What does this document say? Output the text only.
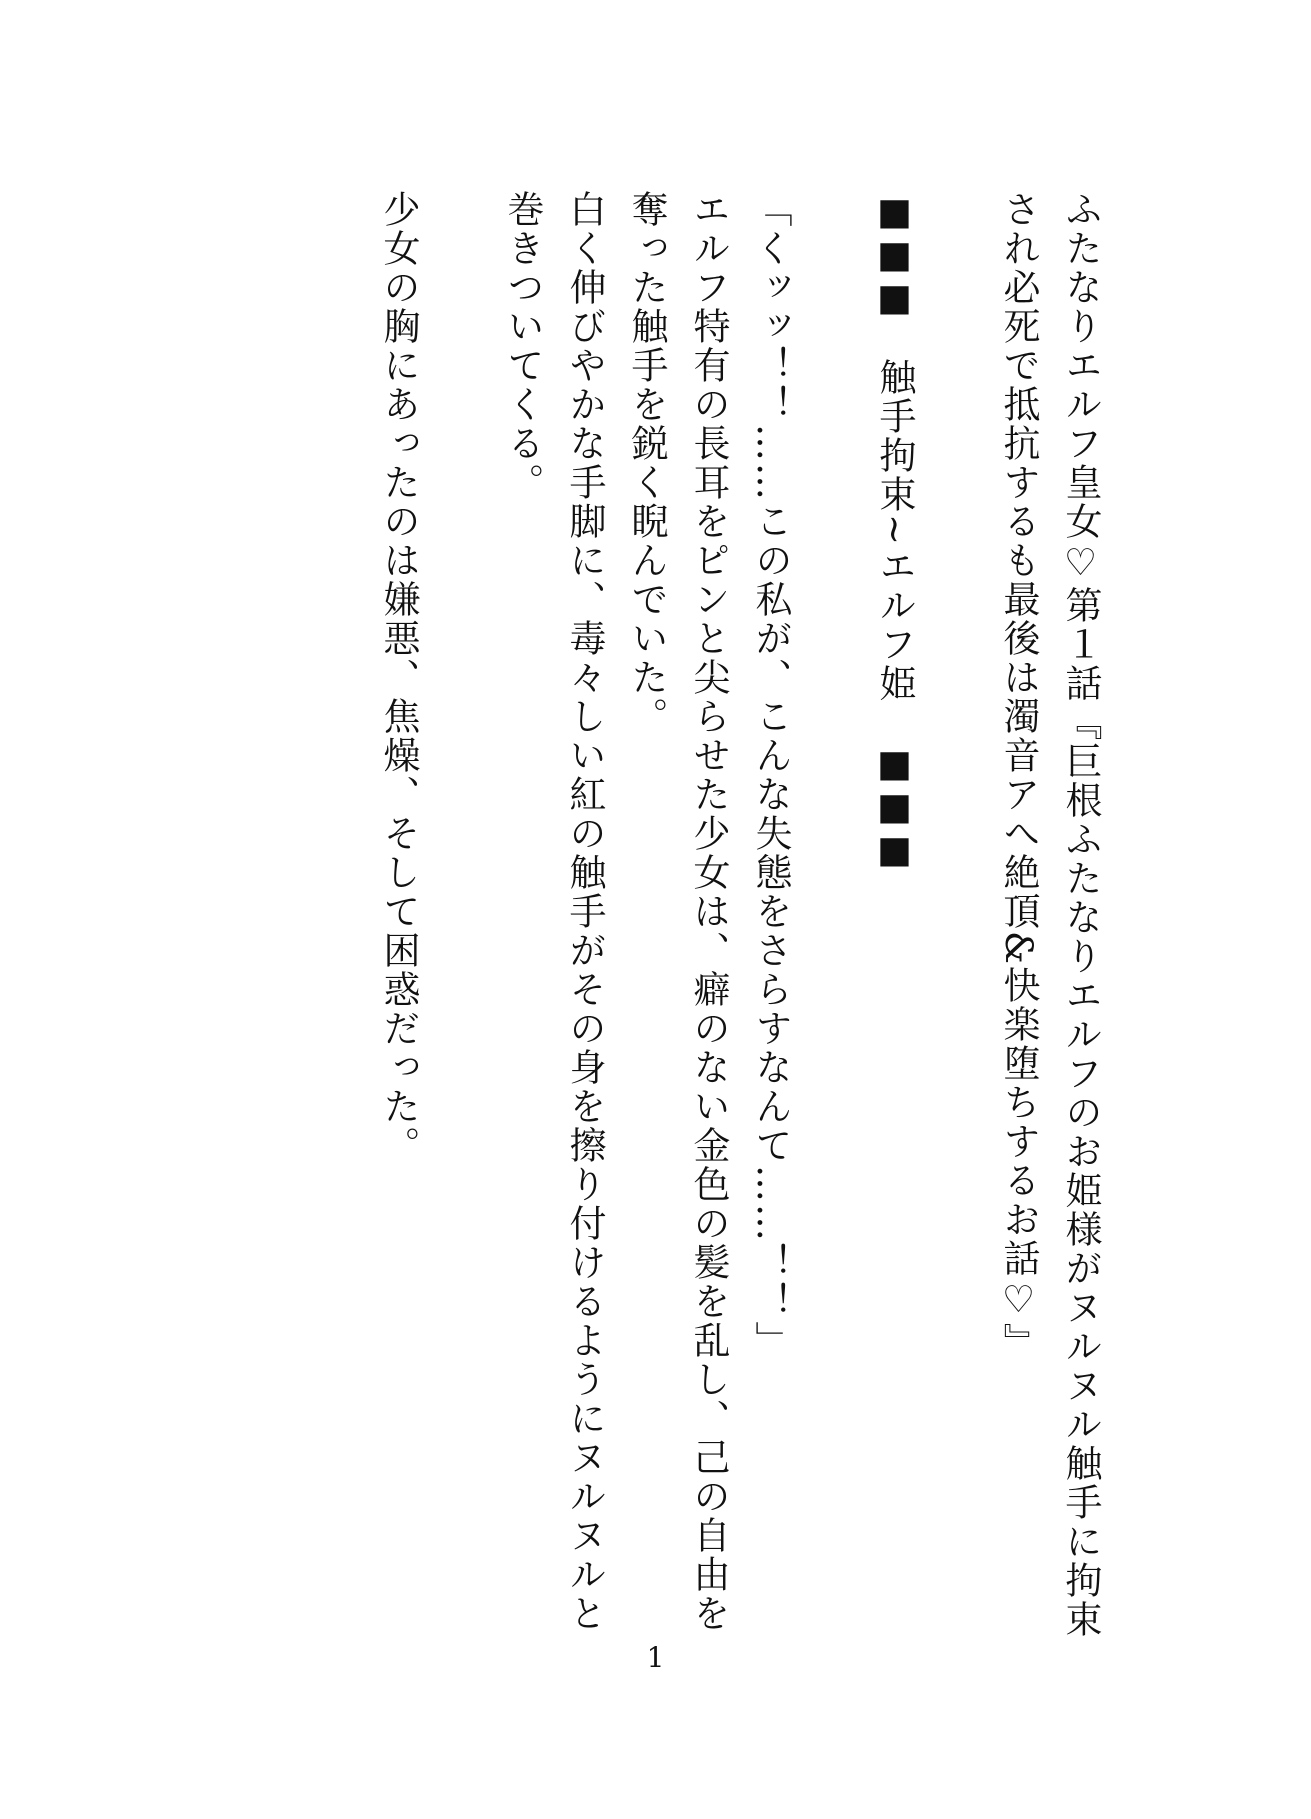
ふたなりエルフ皇女♡第１話『巨根ふたなりエルフのお姫様がヌルヌル触手に拘束され必死で抵抗するも最後は濁音アへ絶頂&快楽堕ちするお話♡』

■■■　触手拘束~エルフ姫　■■■

「くッッ！！……この私が、こんな失態をさらすなんて……！！」

エルフ特有の長耳をピンと尖らせた少女は、癖のない金色の髪を乱し、己の自由を奪った触手を鋭く睨んでいた。

白く伸びやかな手脚に、毒々しい紅の触手がその身を擦り付けるようにヌルヌルと巻きついてくる。

少女の胸にあったのは嫌悪、焦燥、そして困惑だった。

1
